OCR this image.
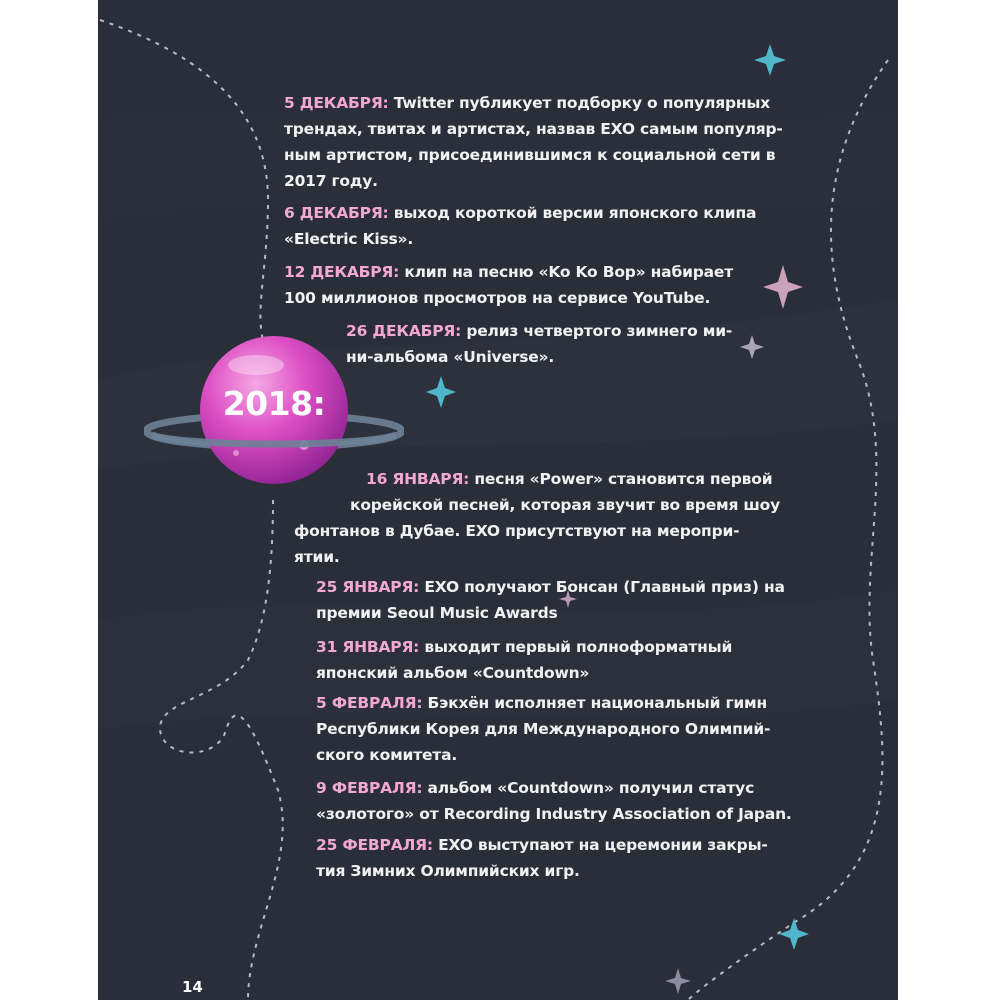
2018:

5 ДЕКАБРЯ: Twitter публикует подборку о популярных

трендах, твитах и артистах, назвав EXO самым популяр-

ным артистом, присоединившимся к социальной сети в

2017 году.

6 ДЕКАБРЯ: выход короткой версии японского клипа

«Electric Kiss».

12 ДЕКАБРЯ: клип на песню «Ko Ko Bop» набирает

100 миллионов просмотров на сервисе YouTube.

26 ДЕКАБРЯ: релиз четвертого зимнего ми-

ни-альбома «Universe».

16 ЯНВАРЯ: песня «Power» становится первой

корейской песней, которая звучит во время шоу

фонтанов в Дубае. EXO присутствуют на меропри-

ятии.

25 ЯНВАРЯ: EXO получают Бонсан (Главный приз) на

премии Seoul Music Awards

31 ЯНВАРЯ: выходит первый полноформатный

японский альбом «Countdown»

5 ФЕВРАЛЯ: Бэкхён исполняет национальный гимн

Республики Корея для Международного Олимпий-

ского комитета.

9 ФЕВРАЛЯ: альбом «Countdown» получил статус

«золотого» от Recording Industry Association of Japan.

25 ФЕВРАЛЯ: EXO выступают на церемонии закры-

тия Зимних Олимпийских игр.

14
